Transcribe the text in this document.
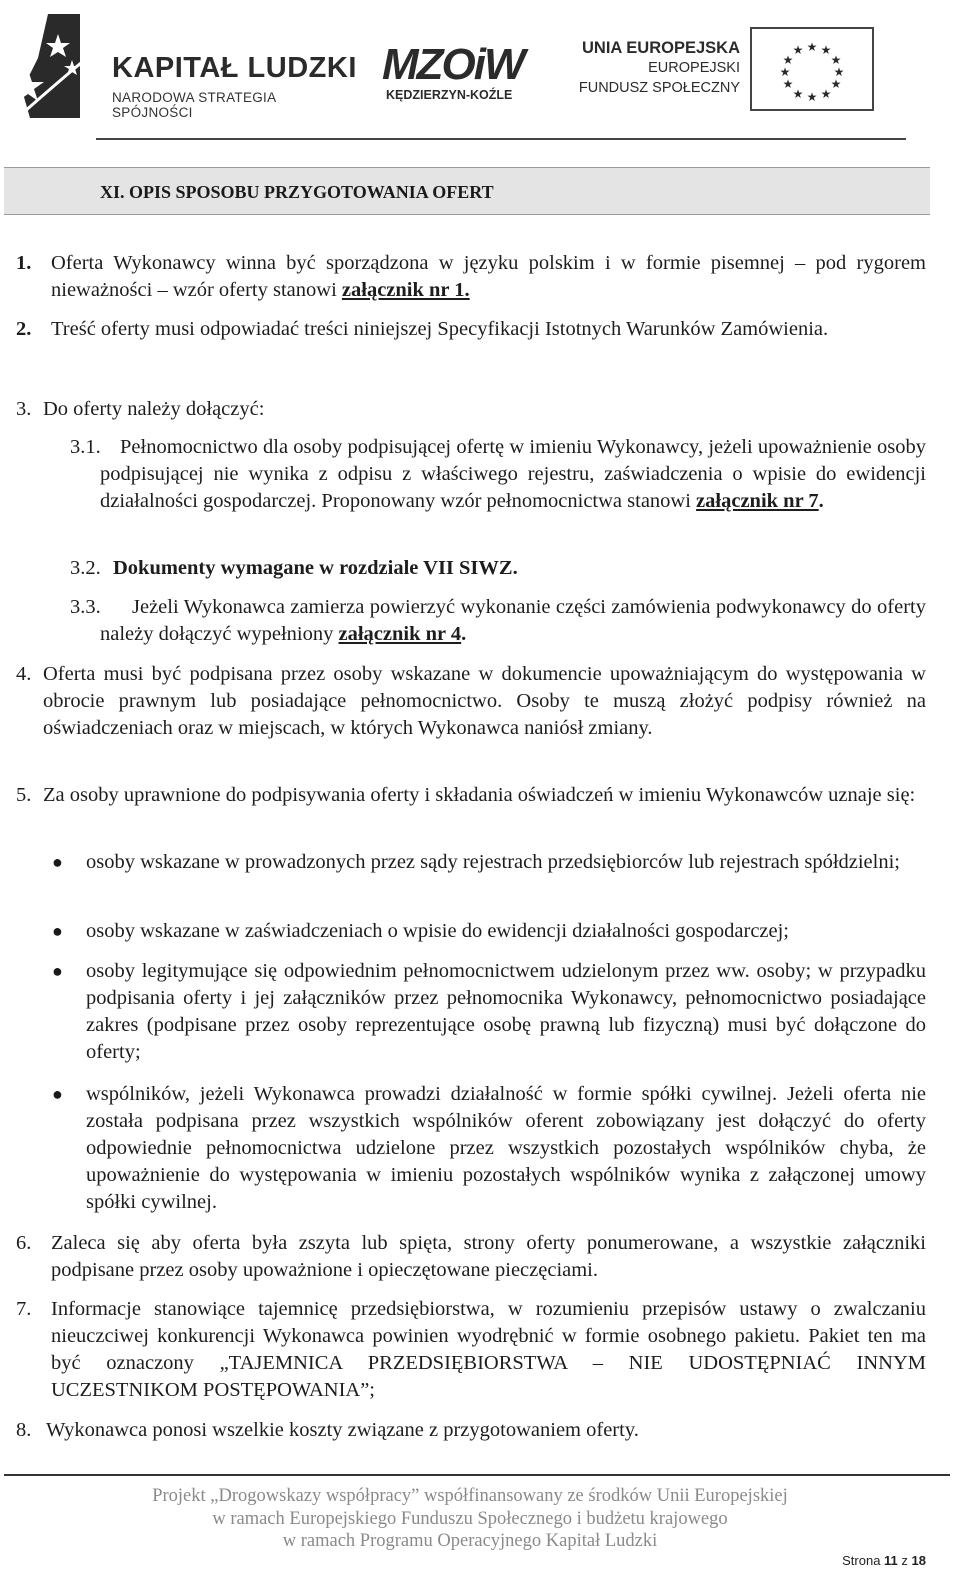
KAPITAŁ LUDZKI
NARODOWA STRATEGIA SPÓJNOŚCI
MZOiW
KĘDZIERZYN-KOŹLE
UNIA EUROPEJSKA
EUROPEJSKI
FUNDUSZ SPOŁECZNY
★ ★
★
★
★
★
★
★
★
★
★
★
XI. OPIS SPOSOBU PRZYGOTOWANIA OFERT
1. Oferta Wykonawcy winna być sporządzona w języku polskim i w formie pisemnej – pod rygorem nieważności – wzór oferty stanowi załącznik nr 1.
2. Treść oferty musi odpowiadać treści niniejszej Specyfikacji Istotnych Warunków Zamówienia.
3. Do oferty należy dołączyć:
3.1. Pełnomocnictwo dla osoby podpisującej ofertę w imieniu Wykonawcy, jeżeli upoważnienie osoby podpisującej nie wynika z odpisu z właściwego rejestru, zaświadczenia o wpisie do ewidencji działalności gospodarczej. Proponowany wzór pełnomocnictwa stanowi załącznik nr 7.
3.2. Dokumenty wymagane w rozdziale VII SIWZ.
3.3.	Jeżeli Wykonawca zamierza powierzyć wykonanie części zamówienia podwykonawcy do oferty należy dołączyć wypełniony załącznik nr 4.
4. Oferta musi być podpisana przez osoby wskazane w dokumencie upoważniającym do występowania w obrocie prawnym lub posiadające pełnomocnictwo. Osoby te muszą złożyć podpisy również na oświadczeniach oraz w miejscach, w których Wykonawca naniósł zmiany.
5. Za osoby uprawnione do podpisywania oferty i składania oświadczeń w imieniu Wykonawców uznaje się:
● osoby wskazane w prowadzonych przez sądy rejestrach przedsiębiorców lub rejestrach spółdzielni;
● osoby wskazane w zaświadczeniach o wpisie do ewidencji działalności gospodarczej;
● osoby legitymujące się odpowiednim pełnomocnictwem udzielonym przez ww. osoby; w przypadku podpisania oferty i jej załączników przez pełnomocnika Wykonawcy, pełnomocnictwo posiadające zakres (podpisane przez osoby reprezentujące osobę prawną lub fizyczną) musi być dołączone do oferty;
● wspólników, jeżeli Wykonawca prowadzi działalność w formie spółki cywilnej. Jeżeli oferta nie została podpisana przez wszystkich wspólników oferent zobowiązany jest dołączyć do oferty odpowiednie pełnomocnictwa udzielone przez wszystkich pozostałych wspólników chyba, że upoważnienie do występowania w imieniu pozostałych wspólników wynika z załączonej umowy spółki cywilnej.
6. Zaleca się aby oferta była zszyta lub spięta, strony oferty ponumerowane, a wszystkie załączniki podpisane przez osoby upoważnione i opieczętowane pieczęciami.
7. Informacje stanowiące tajemnicę przedsiębiorstwa, w rozumieniu przepisów ustawy o zwalczaniu nieuczciwej konkurencji Wykonawca powinien wyodrębnić w formie osobnego pakietu. Pakiet ten ma być oznaczony „TAJEMNICA PRZEDSIĘBIORSTWA – NIE UDOSTĘPNIAĆ INNYM UCZESTNIKOM POSTĘPOWANIA”;
8. Wykonawca ponosi wszelkie koszty związane z przygotowaniem oferty.
Projekt „Drogowskazy współpracy” współfinansowany ze środków Unii Europejskiej
w ramach Europejskiego Funduszu Społecznego i budżetu krajowego
w ramach Programu Operacyjnego Kapitał Ludzki
Strona 11 z 18
